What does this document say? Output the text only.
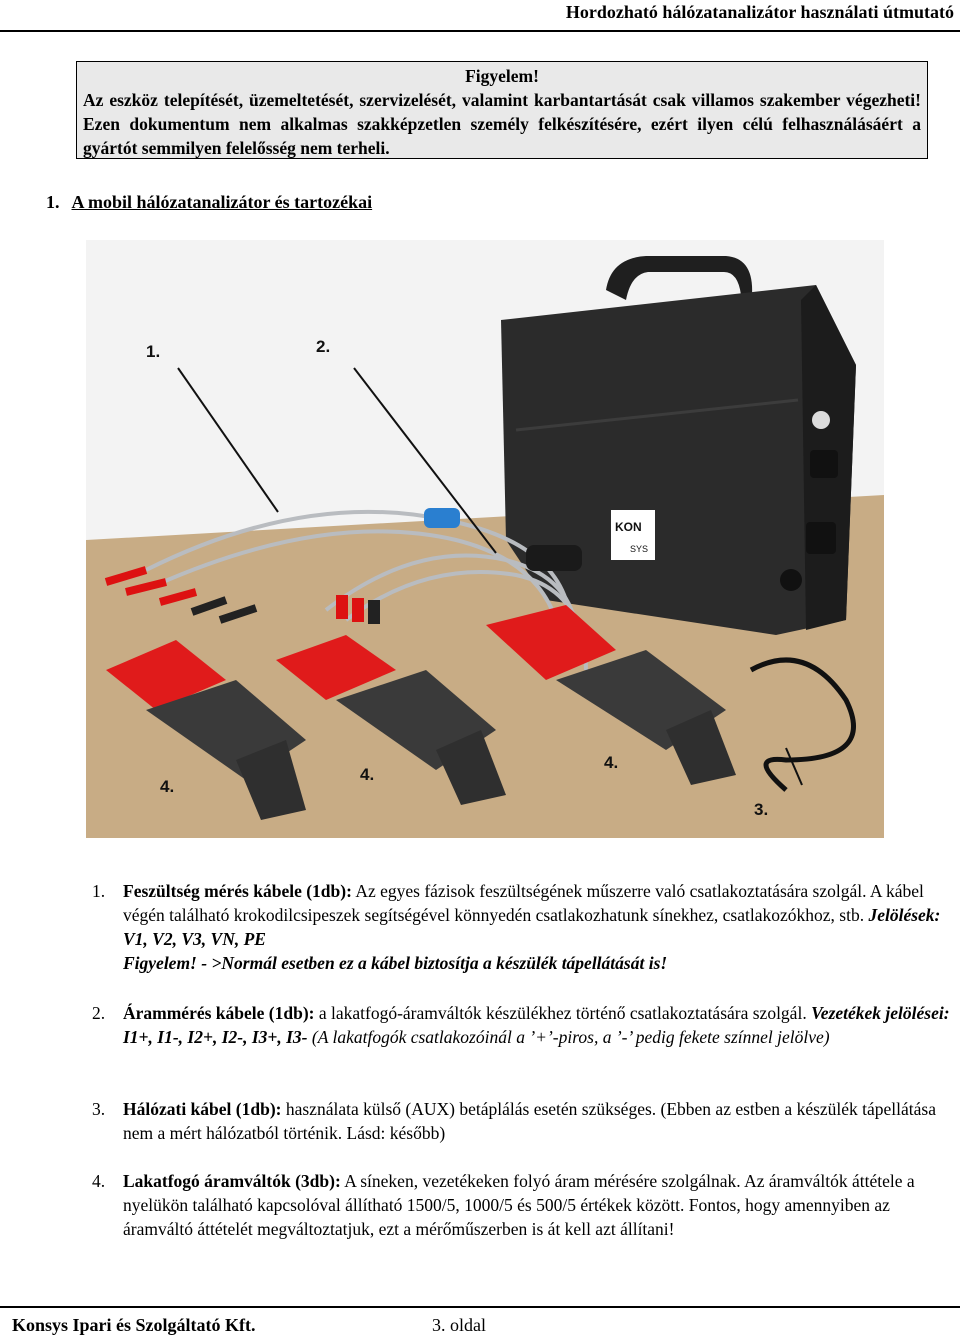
Hordozható hálózatanalizátor használati útmutató
Figyelem!
Az eszköz telepítését, üzemeltetését, szervizelését, valamint karbantartását csak villamos szakember végezheti! Ezen dokumentum nem alkalmas szakképzetlen személy felkészítésére, ezért ilyen célú felhasználásáért a gyártót semmilyen felelősség nem terheli.
1. A mobil hálózatanalizátor és tartozékai
KON
SYS
1.	2.
3.
4.
4.
4.
1. Feszültség mérés kábele (1db): Az egyes fázisok feszültségének műszerre való csatlakoztatására szolgál. A kábel végén található krokodilcsipeszek segítségével könnyedén csatlakozhatunk sínekhez, csatlakozókhoz, stb. Jelölések: V1, V2, V3, VN, PE
Figyelem! - >Normál esetben ez a kábel biztosítja a készülék tápellátását is!
2. Árammérés kábele (1db): a lakatfogó-áramváltók készülékhez történő csatlakoztatására szolgál. Vezetékek jelölései: I1+, I1-, I2+, I2-, I3+, I3- (A lakatfogók csatlakozóinál a ’+’-piros, a ’-’ pedig fekete színnel jelölve)
3. Hálózati kábel (1db): használata külső (AUX) betáplálás esetén szükséges. (Ebben az estben a készülék tápellátása nem a mért hálózatból történik. Lásd: később)
4. Lakatfogó áramváltók (3db): A síneken, vezetékeken folyó áram mérésére szolgálnak. Az áramváltók áttétele a nyelükön található kapcsolóval állítható 1500/5, 1000/5 és 500/5 értékek között. Fontos, hogy amennyiben az áramváltó áttételét megváltoztatjuk, ezt a mérőműszerben is át kell azt állítani!
Konsys Ipari és Szolgáltató Kft.	3. oldal
